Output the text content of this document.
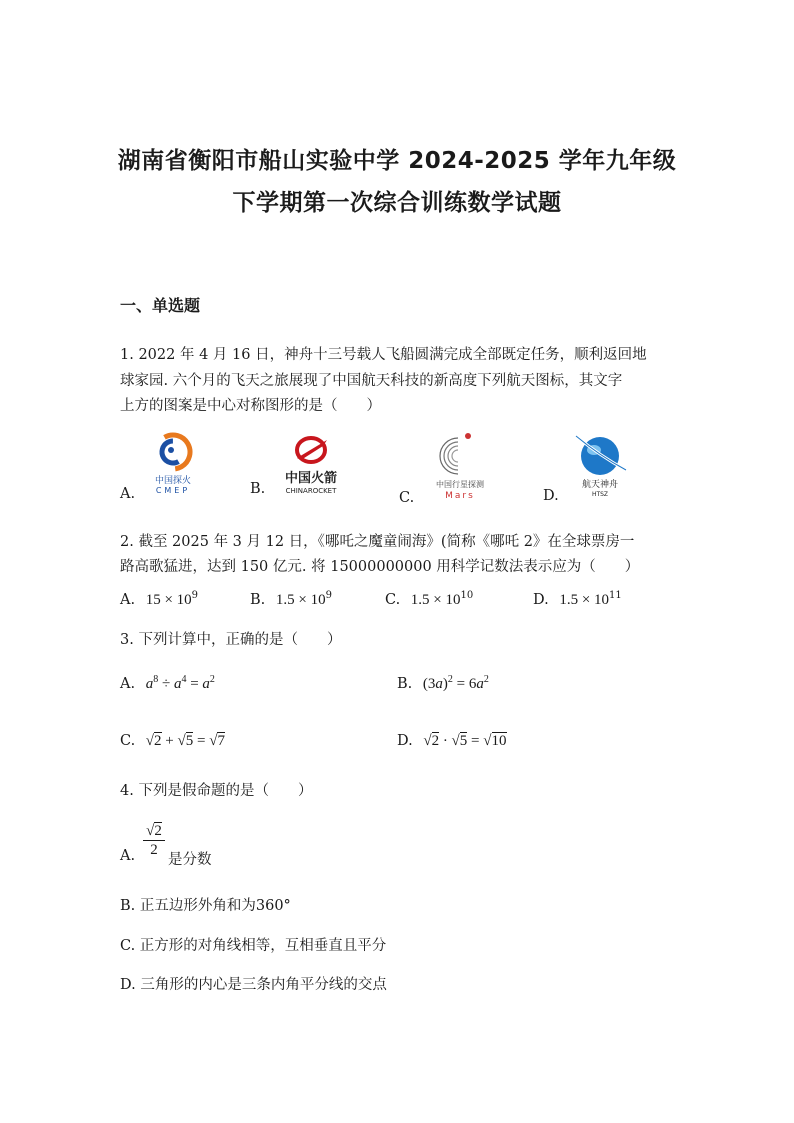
湖南省衡阳市船山实验中学 2024-2025 学年九年级
下学期第一次综合训练数学试题
一、单选题
1. 2022 年 4 月 16 日，神舟十三号载人飞船圆满完成全部既定任务，顺利返回地
球家园. 六个月的飞天之旅展现了中国航天科技的新高度下列航天图标，其文字
上方的图案是中心对称图形的是（　　）
A.	B.
C.	D.
中国探火
CMEP
中国火箭
CHINAROCKET
中国行星探测
Mars
航天神舟
HTSZ
2. 截至 2025 年 3 月 12 日，《哪吒之魔童闹海》(简称《哪吒 2》在全球票房一
路高歌猛进，达到 150 亿元. 将 15000000000 用科学记数法表示应为（　　）
A. $15 \times 10^9$	B. $1.5 \times 10^9$	C. $1.5 \times 10^{10}$	D. $1.5 \times 10^{11}$
3. 下列计算中，正确的是（　　）
A. $a^8 \div a^4 = a^2$	B. $(3a)^2 = 6a^2$
C. √2 + √5 = √7	D. √2 · √5 = √10
4. 下列是假命题的是（　　）
$\frac{√2}{2}$
A. 是分数
B. 正五边形外角和为360°
C. 正方形的对角线相等，互相垂直且平分
D. 三角形的内心是三条内角平分线的交点
